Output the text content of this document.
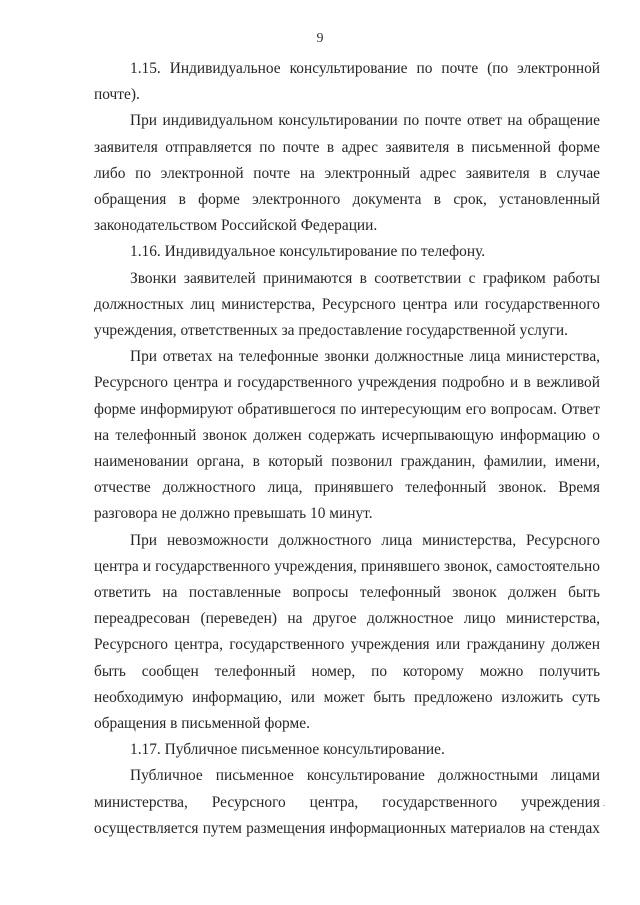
9

1.15. Индивидуальное консультирование по почте (по электронной почте).

При индивидуальном консультировании по почте ответ на обращение заявителя отправляется по почте в адрес заявителя в письменной форме либо по электронной почте на электронный адрес заявителя в случае обращения в форме электронного документа в срок, установленный законодательством Российской Федерации.

1.16. Индивидуальное консультирование по телефону.

Звонки заявителей принимаются в соответствии с графиком работы должностных лиц министерства, Ресурсного центра или государственного учреждения, ответственных за предоставление государственной услуги.

При ответах на телефонные звонки должностные лица министерства, Ресурсного центра и государственного учреждения подробно и в вежливой форме информируют обратившегося по интересующим его вопросам. Ответ на телефонный звонок должен содержать исчерпывающую информацию о наименовании органа, в который позвонил гражданин, фамилии, имени, отчестве должностного лица, принявшего телефонный звонок. Время разговора не должно превышать 10 минут.

При невозможности должностного лица министерства, Ресурсного центра и государственного учреждения, принявшего звонок, самостоятельно ответить на поставленные вопросы телефонный звонок должен быть переадресован (переведен) на другое должностное лицо министерства, Ресурсного центра, государственного учреждения или гражданину должен быть сообщен телефонный номер, по которому можно получить необходимую информацию, или может быть предложено изложить суть обращения в письменной форме.

1.17. Публичное письменное консультирование.

Публичное письменное консультирование должностными лицами министерства, Ресурсного центра, государственного учреждения осуществляется путем размещения информационных материалов на стендах
